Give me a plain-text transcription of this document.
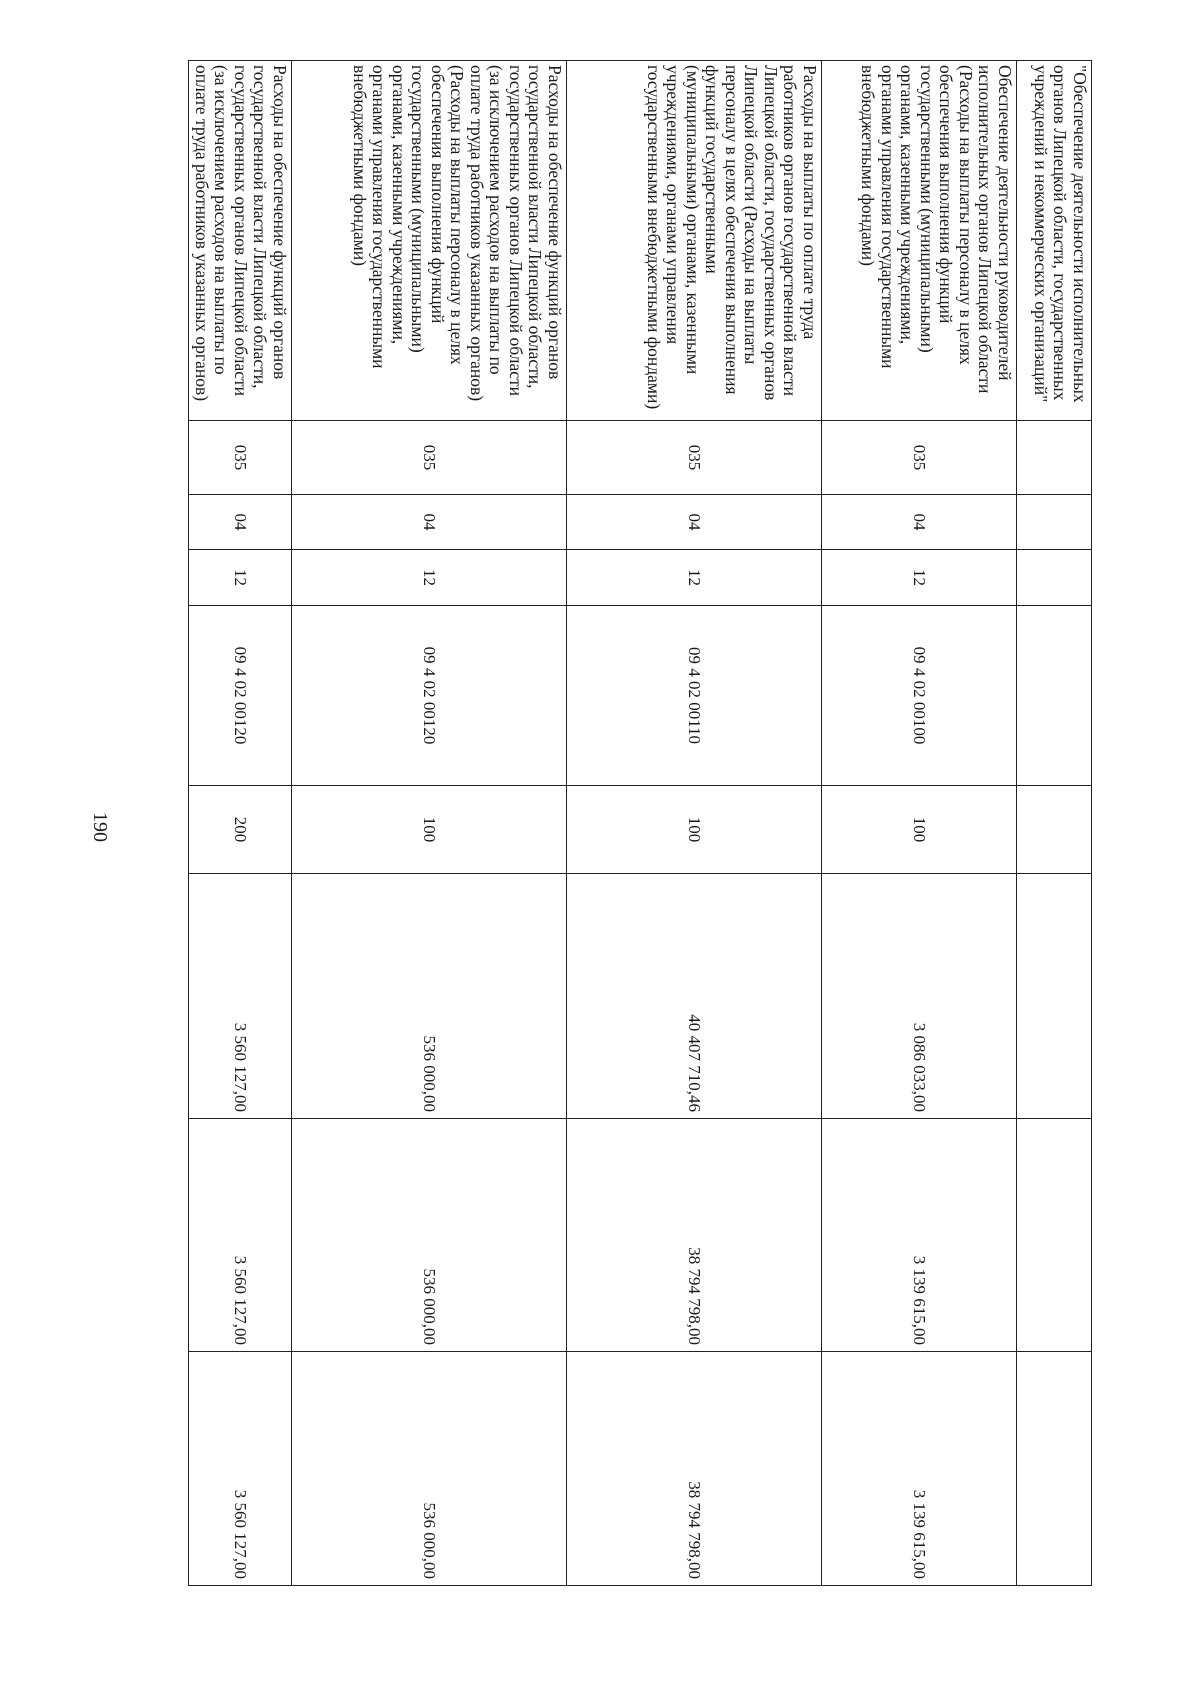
190
"Обеспечение деятельности исполнительных органов Липецкой области, государственных учреждений и некоммерческих организаций"								
Обеспечение деятельности руководителей исполнительных органов Липецкой области (Расходы на выплаты персоналу в целях обеспечения выполнения функций государственными (муниципальными) органами, казенными учреждениями, органами управления государственными внебюджетными фондами)	035	04	12	09 4 02 00100	100	3 086 033,00	3 139 615,00	3 139 615,00
Расходы на выплаты по оплате труда работников органов государственной власти Липецкой области, государственных органов Липецкой области (Расходы на выплаты персоналу в целях обеспечения выполнения функций государственными (муниципальными) органами, казенными учреждениями, органами управления государственными внебюджетными фондами)	035	04	12	09 4 02 00110	100	40 407 710,46	38 794 798,00	38 794 798,00
Расходы на обеспечение функций органов государственной власти Липецкой области, государственных органов Липецкой области (за исключением расходов на выплаты по оплате труда работников указанных органов) (Расходы на выплаты персоналу в целях обеспечения выполнения функций государственными (муниципальными) органами, казенными учреждениями, органами управления государственными внебюджетными фондами)	035	04	12	09 4 02 00120	100	536 000,00	536 000,00	536 000,00
Расходы на обеспечение функций органов государственной власти Липецкой области, государственных органов Липецкой области (за исключением расходов на выплаты по оплате труда работников указанных органов)	035	04	12	09 4 02 00120	200	3 560 127,00	3 560 127,00	3 560 127,00
